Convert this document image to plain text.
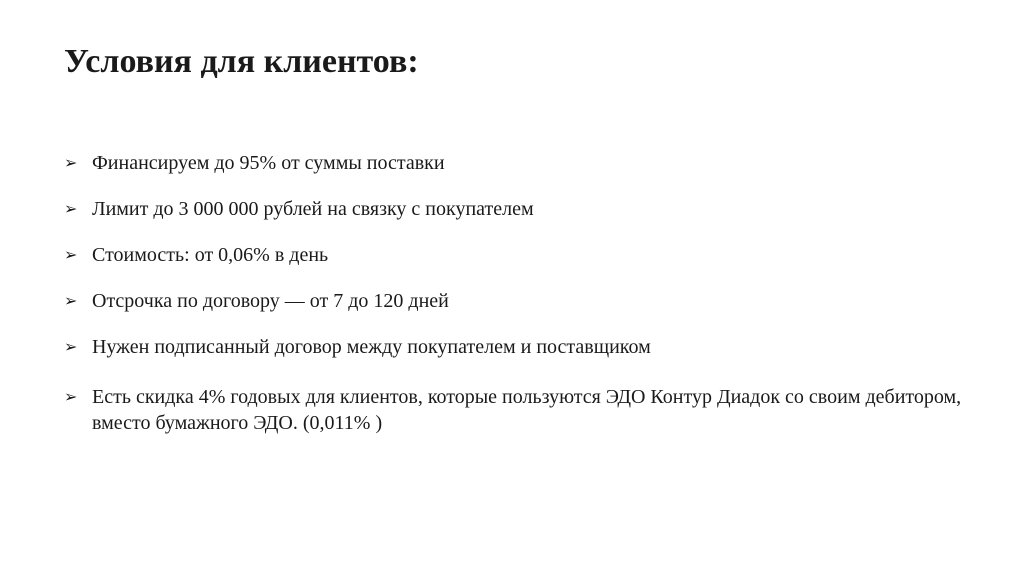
Условия для клиентов:
➢ Финансируем до 95% от суммы поставки
➢ Лимит до 3 000 000 рублей на связку с покупателем
➢ Стоимость: от 0,06% в день
➢ Отсрочка по договору — от 7 до 120 дней
➢ Нужен подписанный договор между покупателем и поставщиком
➢ Есть скидка 4% годовых для клиентов, которые пользуются ЭДО Контур Диадок со своим дебитором, вместо бумажного ЭДО. (0,011% )
